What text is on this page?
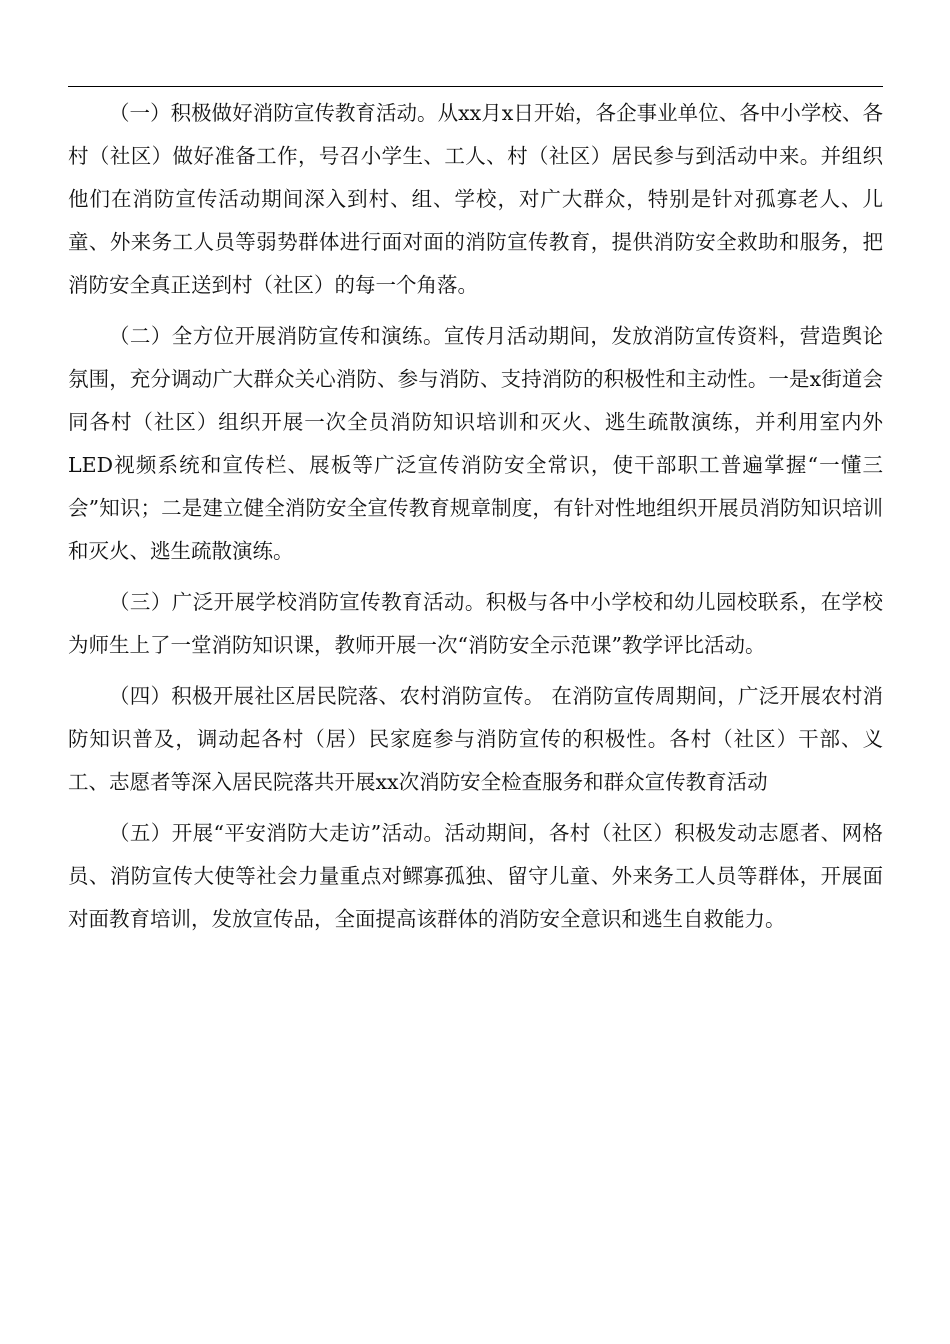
（一）积极做好消防宣传教育活动。从xx月x日开始，各企事业单位、各中小学校、各村（社区）做好准备工作，号召小学生、工人、村（社区）居民参与到活动中来。并组织他们在消防宣传活动期间深入到村、组、学校，对广大群众，特别是针对孤寡老人、儿童、外来务工人员等弱势群体进行面对面的消防宣传教育，提供消防安全救助和服务，把消防安全真正送到村（社区）的每一个角落。

（二）全方位开展消防宣传和演练。宣传月活动期间，发放消防宣传资料，营造舆论氛围，充分调动广大群众关心消防、参与消防、支持消防的积极性和主动性。一是x街道会同各村（社区）组织开展一次全员消防知识培训和灭火、逃生疏散演练，并利用室内外LED视频系统和宣传栏、展板等广泛宣传消防安全常识，使干部职工普遍掌握“一懂三会”知识；二是建立健全消防安全宣传教育规章制度，有针对性地组织开展员消防知识培训和灭火、逃生疏散演练。

（三）广泛开展学校消防宣传教育活动。积极与各中小学校和幼儿园校联系，在学校为师生上了一堂消防知识课，教师开展一次“消防安全示范课”教学评比活动。

（四）积极开展社区居民院落、农村消防宣传。 在消防宣传周期间，广泛开展农村消防知识普及，调动起各村（居）民家庭参与消防宣传的积极性。各村（社区）干部、义工、志愿者等深入居民院落共开展xx次消防安全检查服务和群众宣传教育活动

（五）开展“平安消防大走访”活动。活动期间，各村（社区）积极发动志愿者、网格员、消防宣传大使等社会力量重点对鳏寡孤独、留守儿童、外来务工人员等群体，开展面对面教育培训，发放宣传品，全面提高该群体的消防安全意识和逃生自救能力。
